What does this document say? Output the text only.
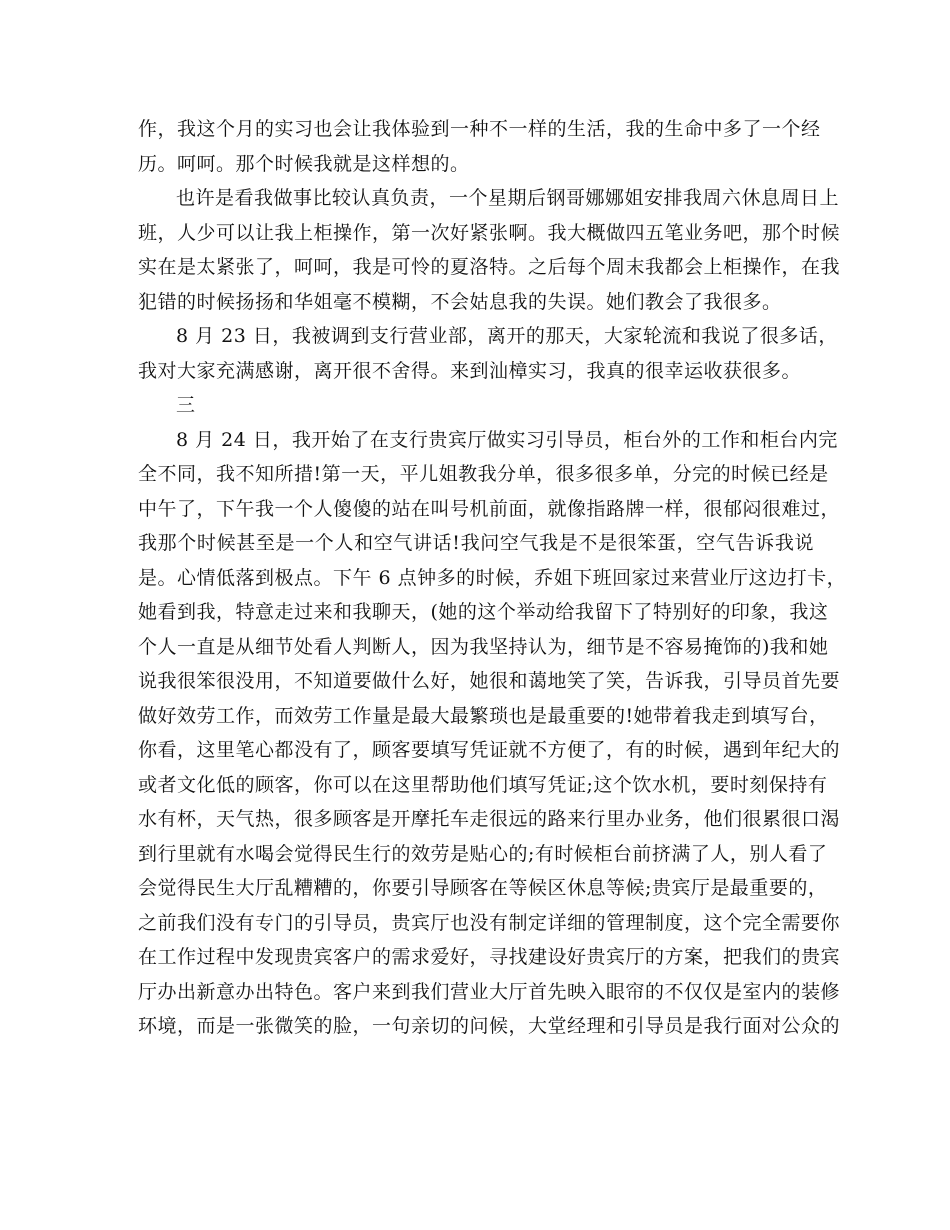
作，我这个月的实习也会让我体验到一种不一样的生活，我的生命中多了一个经
历。呵呵。那个时候我就是这样想的。
也许是看我做事比较认真负责，一个星期后钢哥娜娜姐安排我周六休息周日上
班，人少可以让我上柜操作，第一次好紧张啊。我大概做四五笔业务吧，那个时候
实在是太紧张了，呵呵，我是可怜的夏洛特。之后每个周末我都会上柜操作，在我
犯错的时候扬扬和华姐毫不模糊，不会姑息我的失误。她们教会了我很多。
8 月 23 日，我被调到支行营业部，离开的那天，大家轮流和我说了很多话，
我对大家充满感谢，离开很不舍得。来到汕樟实习，我真的很幸运收获很多。
三
8 月 24 日，我开始了在支行贵宾厅做实习引导员，柜台外的工作和柜台内完
全不同，我不知所措!第一天，平儿姐教我分单，很多很多单，分完的时候已经是
中午了，下午我一个人傻傻的站在叫号机前面，就像指路牌一样，很郁闷很难过，
我那个时候甚至是一个人和空气讲话!我问空气我是不是很笨蛋，空气告诉我说
是。心情低落到极点。下午 6 点钟多的时候，乔姐下班回家过来营业厅这边打卡，
她看到我，特意走过来和我聊天，(她的这个举动给我留下了特别好的印象，我这
个人一直是从细节处看人判断人，因为我坚持认为，细节是不容易掩饰的)我和她
说我很笨很没用，不知道要做什么好，她很和蔼地笑了笑，告诉我，引导员首先要
做好效劳工作，而效劳工作量是最大最繁琐也是最重要的!她带着我走到填写台，
你看，这里笔心都没有了，顾客要填写凭证就不方便了，有的时候，遇到年纪大的
或者文化低的顾客，你可以在这里帮助他们填写凭证;这个饮水机，要时刻保持有
水有杯，天气热，很多顾客是开摩托车走很远的路来行里办业务，他们很累很口渴
到行里就有水喝会觉得民生行的效劳是贴心的;有时候柜台前挤满了人，别人看了
会觉得民生大厅乱糟糟的，你要引导顾客在等候区休息等候;贵宾厅是最重要的，
之前我们没有专门的引导员，贵宾厅也没有制定详细的管理制度，这个完全需要你
在工作过程中发现贵宾客户的需求爱好，寻找建设好贵宾厅的方案，把我们的贵宾
厅办出新意办出特色。客户来到我们营业大厅首先映入眼帘的不仅仅是室内的装修
环境，而是一张微笑的脸，一句亲切的问候，大堂经理和引导员是我行面对公众的
